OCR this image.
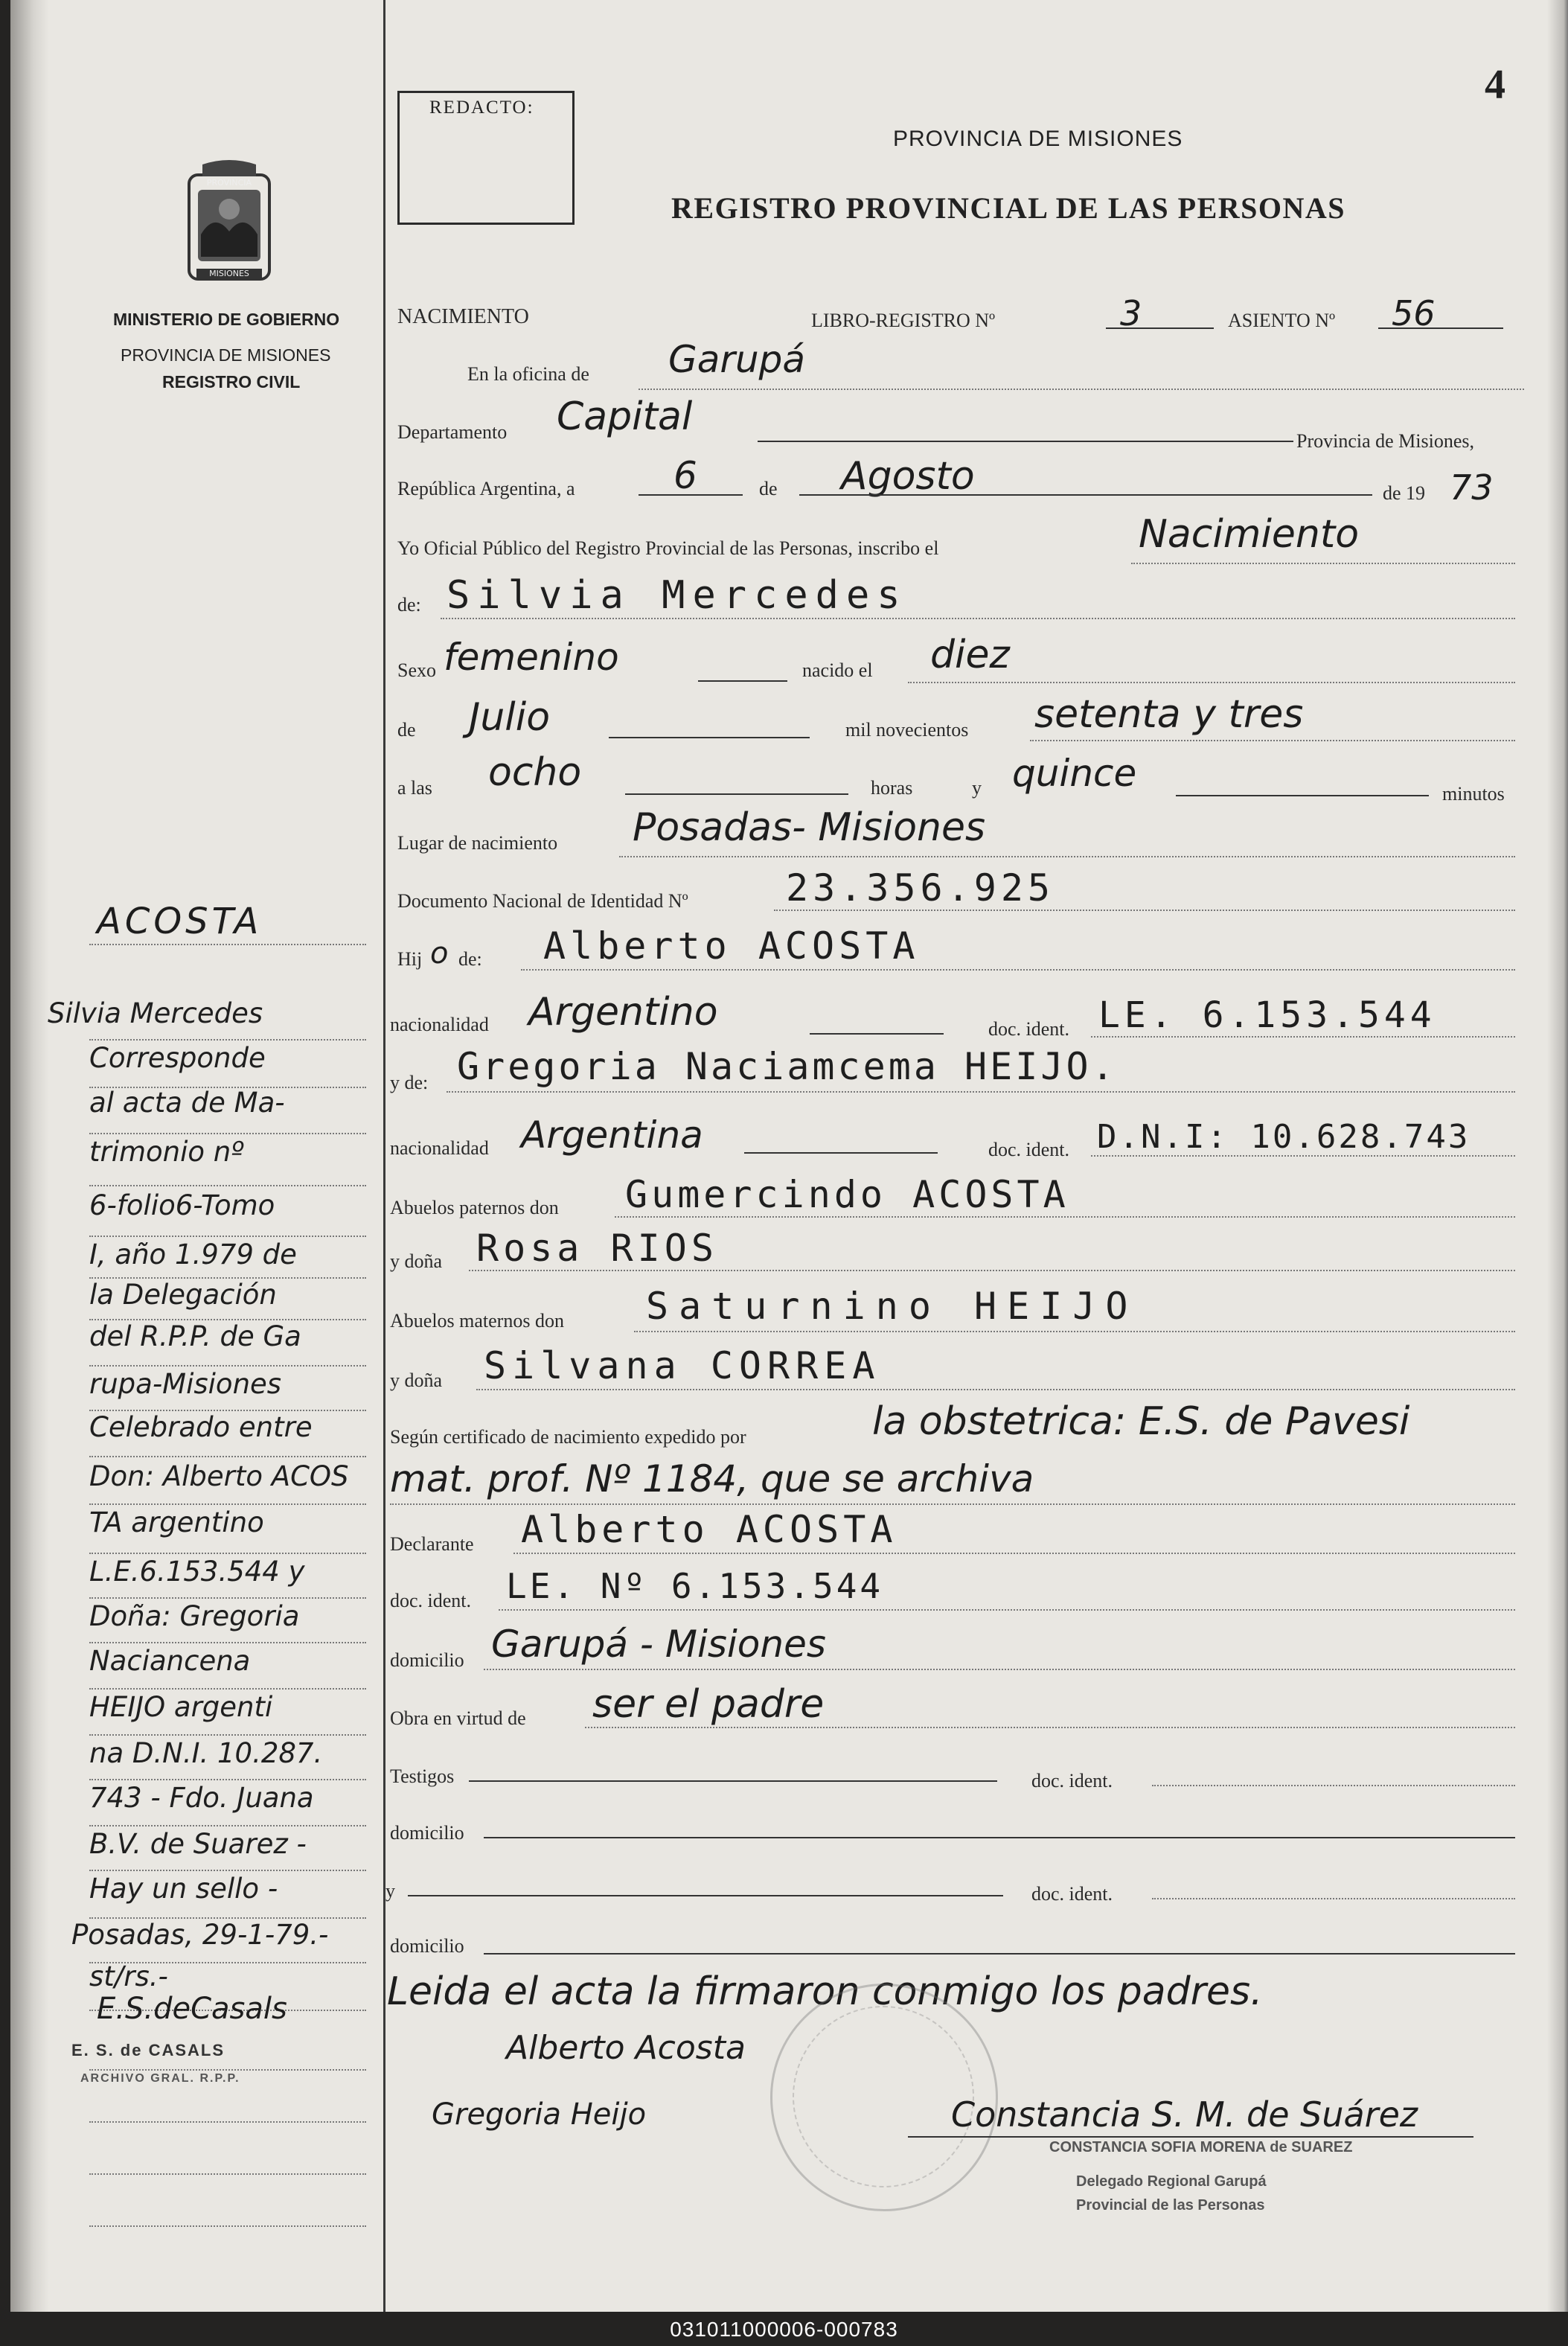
4
REDACTO:
PROVINCIA DE MISIONES
REGISTRO PROVINCIAL DE LAS PERSONAS
PROVINCIA
MISIONES
MINISTERIO DE GOBIERNO
PROVINCIA DE MISIONES
REGISTRO CIVIL
NACIMIENTO	LIBRO-REGISTRO Nº	3	ASIENTO Nº 56
En la oficina de Garupá
Departamento Capital
Provincia de Misiones,
República Argentina, a	6	de Agosto	de 19 73
Yo Oficial Público del Registro Provincial de las Personas, inscribo el	Nacimiento
de: Silvia Mercedes
Sexo femenino	nacido el diez
de Julio	mil novecientos setenta y tres
a las ocho	horas	y quince	minutos
Lugar de nacimiento Posadas- Misiones
Documento Nacional de Identidad Nº	23.356.925
Hij o de: Alberto ACOSTA
nacionalidad Argentino	doc. ident. LE. 6.153.544
y de: Gregoria Naciamcema HEIJO.
nacionalidad Argentina	doc. ident. D.N.I: 10.628.743
Abuelos paternos don Gumercindo ACOSTA
y doña Rosa RIOS
Abuelos maternos don Saturnino HEIJO
y doña Silvana CORREA
Según certificado de nacimiento expedido por	la obstetrica: E.S. de Pavesi
mat. prof. Nº 1184, que se archiva
Declarante Alberto ACOSTA
doc. ident. LE. Nº 6.153.544
domicilio Garupá - Misiones
Obra en virtud de ser el padre
Testigos	doc. ident.
domicilio
y	doc. ident.
domicilio
Leida el acta la firmaron conmigo los padres.
Alberto Acosta
Gregoria Heijo	Constancia S. M. de Suárez
CONSTANCIA SOFIA MORENA de SUAREZ
Delegado Regional Garupá
Provincial de las Personas
ACOSTA
Silvia Mercedes
Corresponde
al acta de Ma-
trimonio nº
6-folio6-Tomo
I, año 1.979 de
la Delegación
del R.P.P. de Ga
rupa-Misiones
Celebrado entre
Don: Alberto ACOS
TA argentino
L.E.6.153.544 y
Doña: Gregoria
Naciancena
HEIJO argenti
na D.N.I. 10.287.
743 - Fdo. Juana
B.V. de Suarez -
Hay un sello -
Posadas, 29-1-79.-
st/rs.-
E.S.deCasals
E. S. de CASALS
ARCHIVO GRAL. R.P.P.
031011000006-000783
